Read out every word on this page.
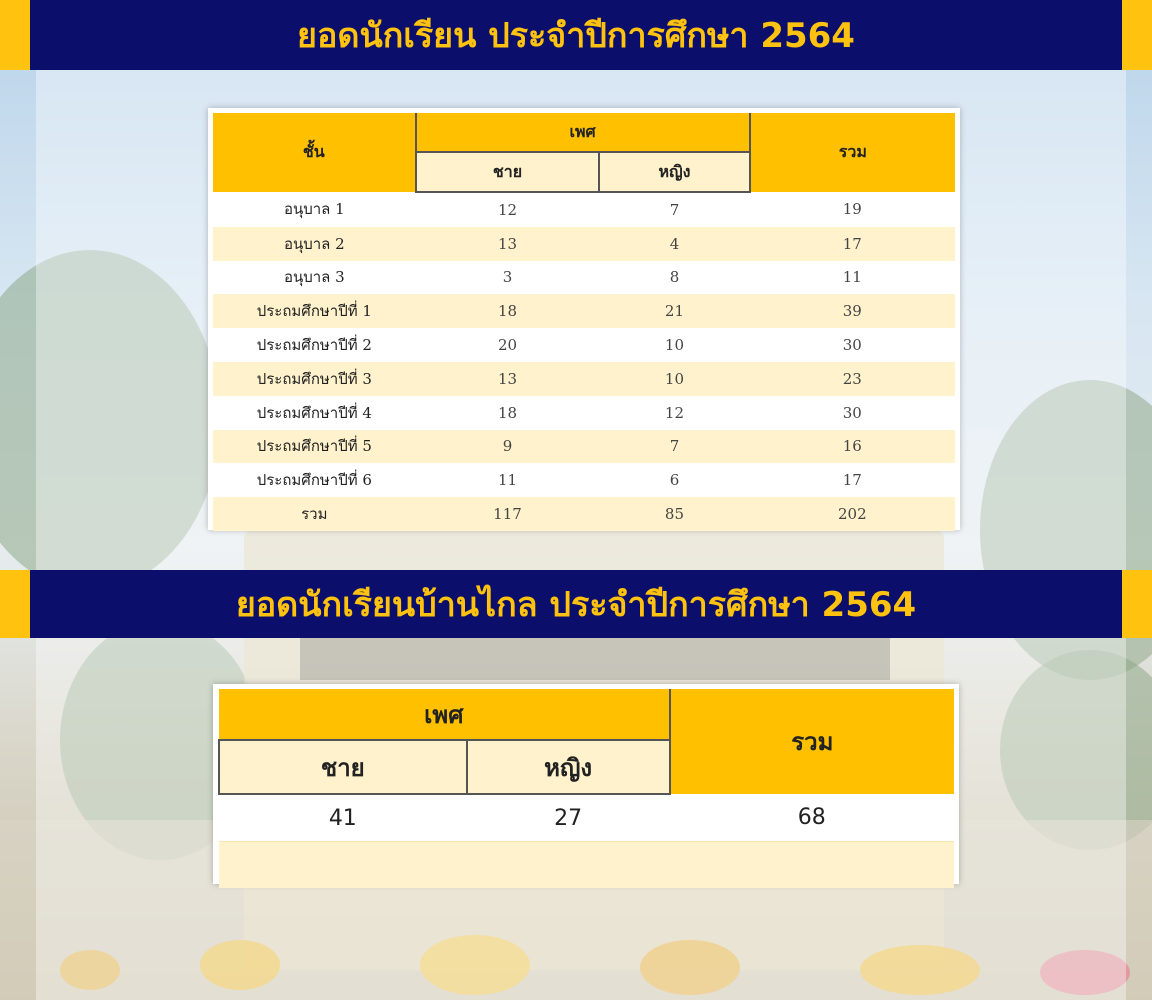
ยอดนักเรียน ประจำปีการศึกษา 2564
ชั้น	เพศ		รวม
	ชาย	หญิง	
อนุบาล 1	12	7	19
อนุบาล 2	13	4	17
อนุบาล 3	3	8	11
ประถมศึกษาปีที่ 1	18	21	39
ประถมศึกษาปีที่ 2	20	10	30
ประถมศึกษาปีที่ 3	13	10	23
ประถมศึกษาปีที่ 4	18	12	30
ประถมศึกษาปีที่ 5	9	7	16
ประถมศึกษาปีที่ 6	11	6	17
รวม	117	85	202
ยอดนักเรียนบ้านไกล ประจำปีการศึกษา 2564
เพศ		รวม
ชาย	หญิง	
41	27	68
